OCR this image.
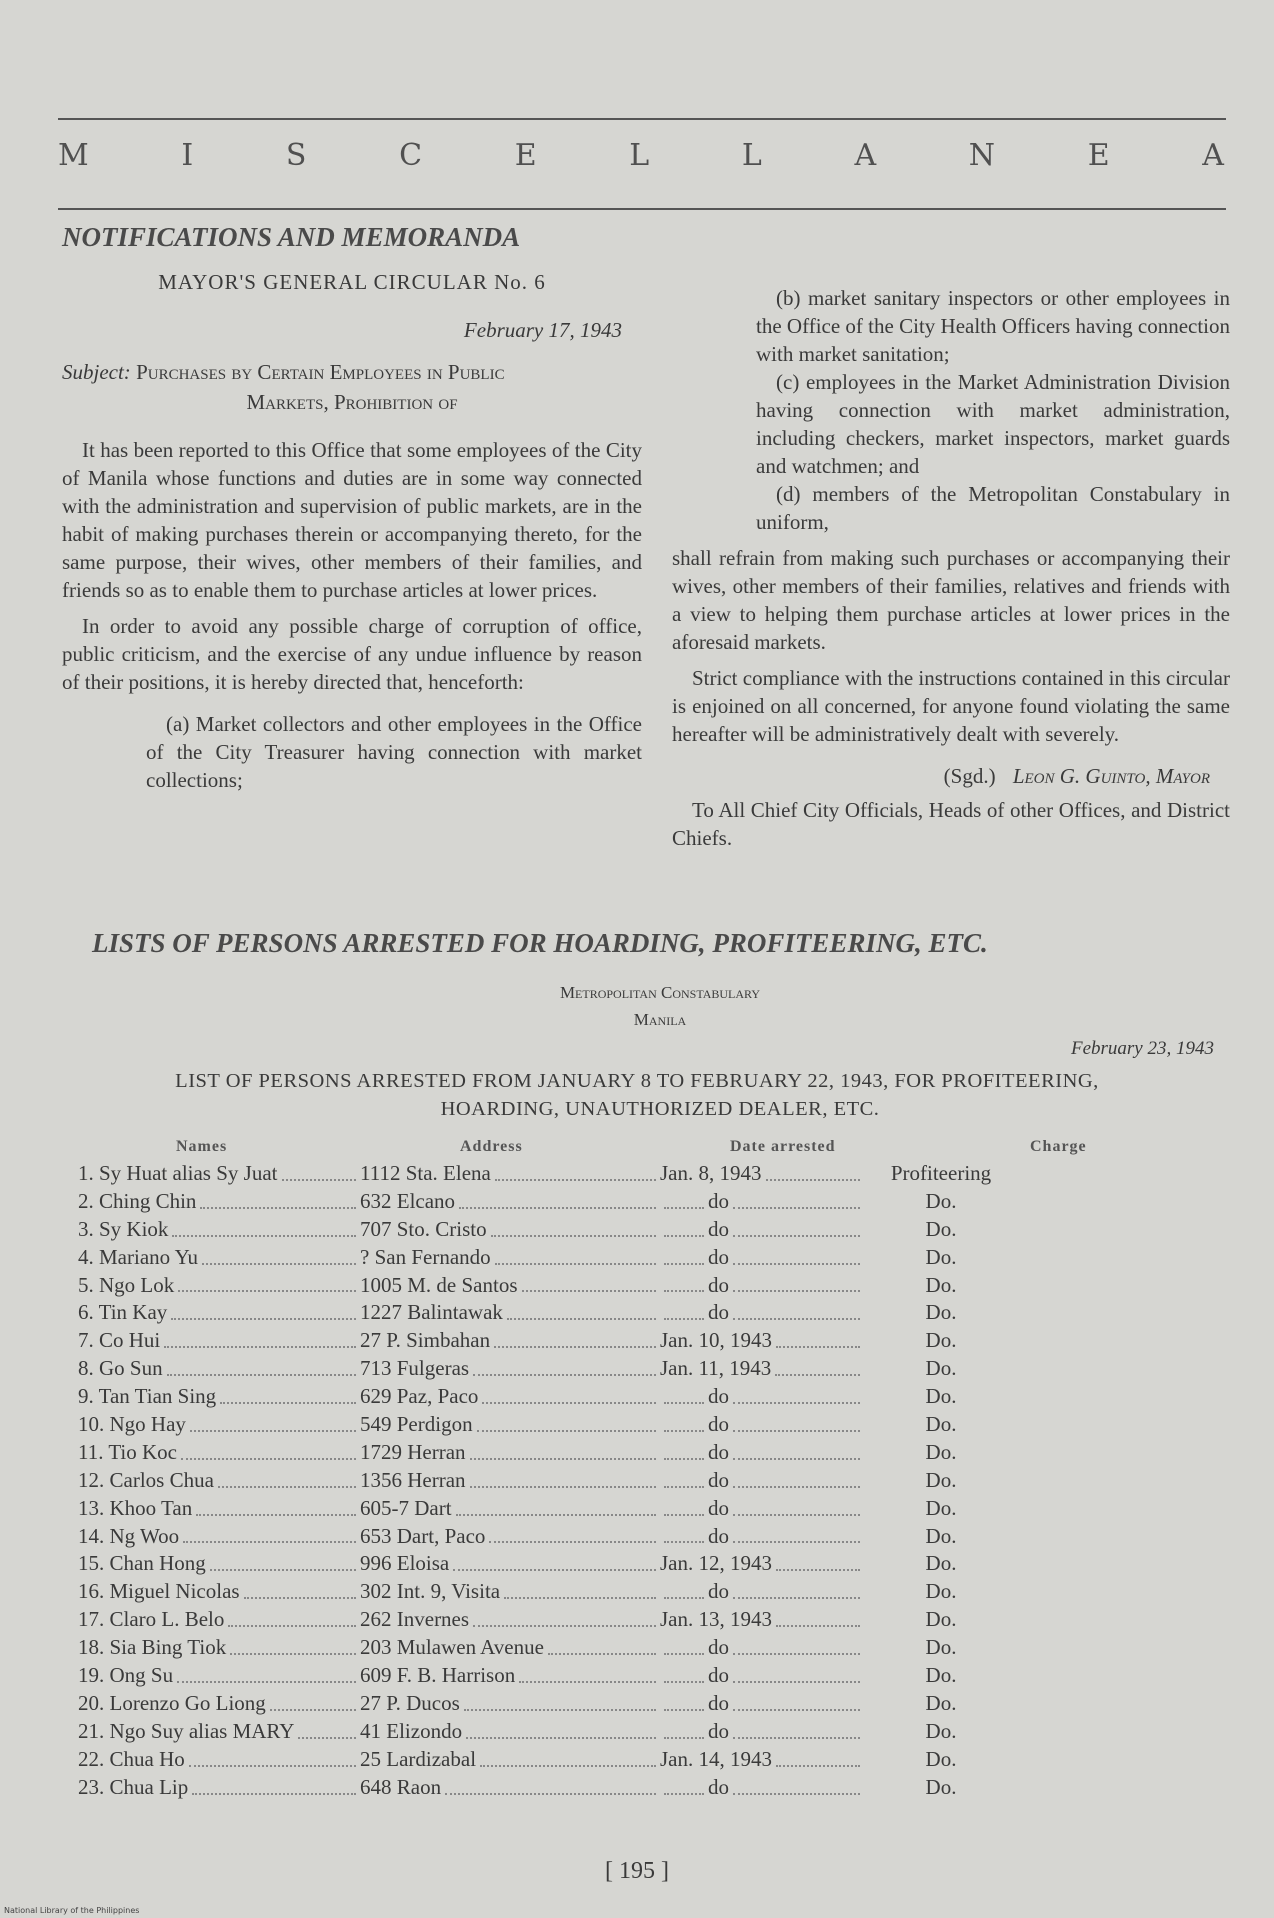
M	I	S	C	E	L	L	A	N	E	A
NOTIFICATIONS AND MEMORANDA
MAYOR'S GENERAL CIRCULAR No. 6
February 17, 1943
Subject: Purchases by Certain Employees in Public
Markets, Prohibition of

It has been reported to this Office that some employees of the City of Manila whose functions and duties are in some way connected with the administration and supervision of public markets, are in the habit of making purchases therein or accompanying thereto, for the same purpose, their wives, other members of their families, and friends so as to enable them to purchase articles at lower prices.

In order to avoid any possible charge of corruption of office, public criticism, and the exercise of any undue influence by reason of their positions, it is hereby directed that, henceforth:

(a) Market collectors and other employees in the Office of the City Treasurer having connection with market collections;

(b) market sanitary inspectors or other employees in the Office of the City Health Officers having connection with market sanitation;

(c) employees in the Market Administration Division having connection with market administration, including checkers, market inspectors, market guards and watchmen; and

(d) members of the Metropolitan Constabulary in uniform,

shall refrain from making such purchases or accompanying their wives, other members of their families, relatives and friends with a view to helping them purchase articles at lower prices in the aforesaid markets.

Strict compliance with the instructions contained in this circular is enjoined on all concerned, for anyone found violating the same hereafter will be administratively dealt with severely.

(Sgd.) Leon G. Guinto, Mayor

To All Chief City Officials, Heads of other Offices, and District Chiefs.

LISTS OF PERSONS ARRESTED FOR HOARDING, PROFITEERING, ETC.
Metropolitan Constabulary
Manila
February 23, 1943
LIST OF PERSONS ARRESTED FROM JANUARY 8 TO FEBRUARY 22, 1943, FOR PROFITEERING,
HOARDING, UNAUTHORIZED DEALER, ETC.
Names	Address	Date arrested	Charge
1. Sy Huat alias Sy Juat	1112 Sta. Elena	Jan. 8, 1943	Profiteering
2. Ching Chin	632 Elcano	do	Do.
3. Sy Kiok	707 Sto. Cristo	do	Do.
4. Mariano Yu	? San Fernando	do	Do.
5. Ngo Lok	1005 M. de Santos	do	Do.
6. Tin Kay	1227 Balintawak	do	Do.
7. Co Hui	27 P. Simbahan	Jan. 10, 1943	Do.
8. Go Sun	713 Fulgeras	Jan. 11, 1943	Do.
9. Tan Tian Sing	629 Paz, Paco	do	Do.
10. Ngo Hay	549 Perdigon	do	Do.
11. Tio Koc	1729 Herran	do	Do.
12. Carlos Chua	1356 Herran	do	Do.
13. Khoo Tan	605-7 Dart	do	Do.
14. Ng Woo	653 Dart, Paco	do	Do.
15. Chan Hong	996 Eloisa	Jan. 12, 1943	Do.
16. Miguel Nicolas	302 Int. 9, Visita	do	Do.
17. Claro L. Belo	262 Invernes	Jan. 13, 1943	Do.
18. Sia Bing Tiok	203 Mulawen Avenue	do	Do.
19. Ong Su	609 F. B. Harrison	do	Do.
20. Lorenzo Go Liong	27 P. Ducos	do	Do.
21. Ngo Suy alias MARY	41 Elizondo	do	Do.
22. Chua Ho	25 Lardizabal	Jan. 14, 1943	Do.
23. Chua Lip	648 Raon	do	Do.
[ 195 ]
National Library of the Philippines
